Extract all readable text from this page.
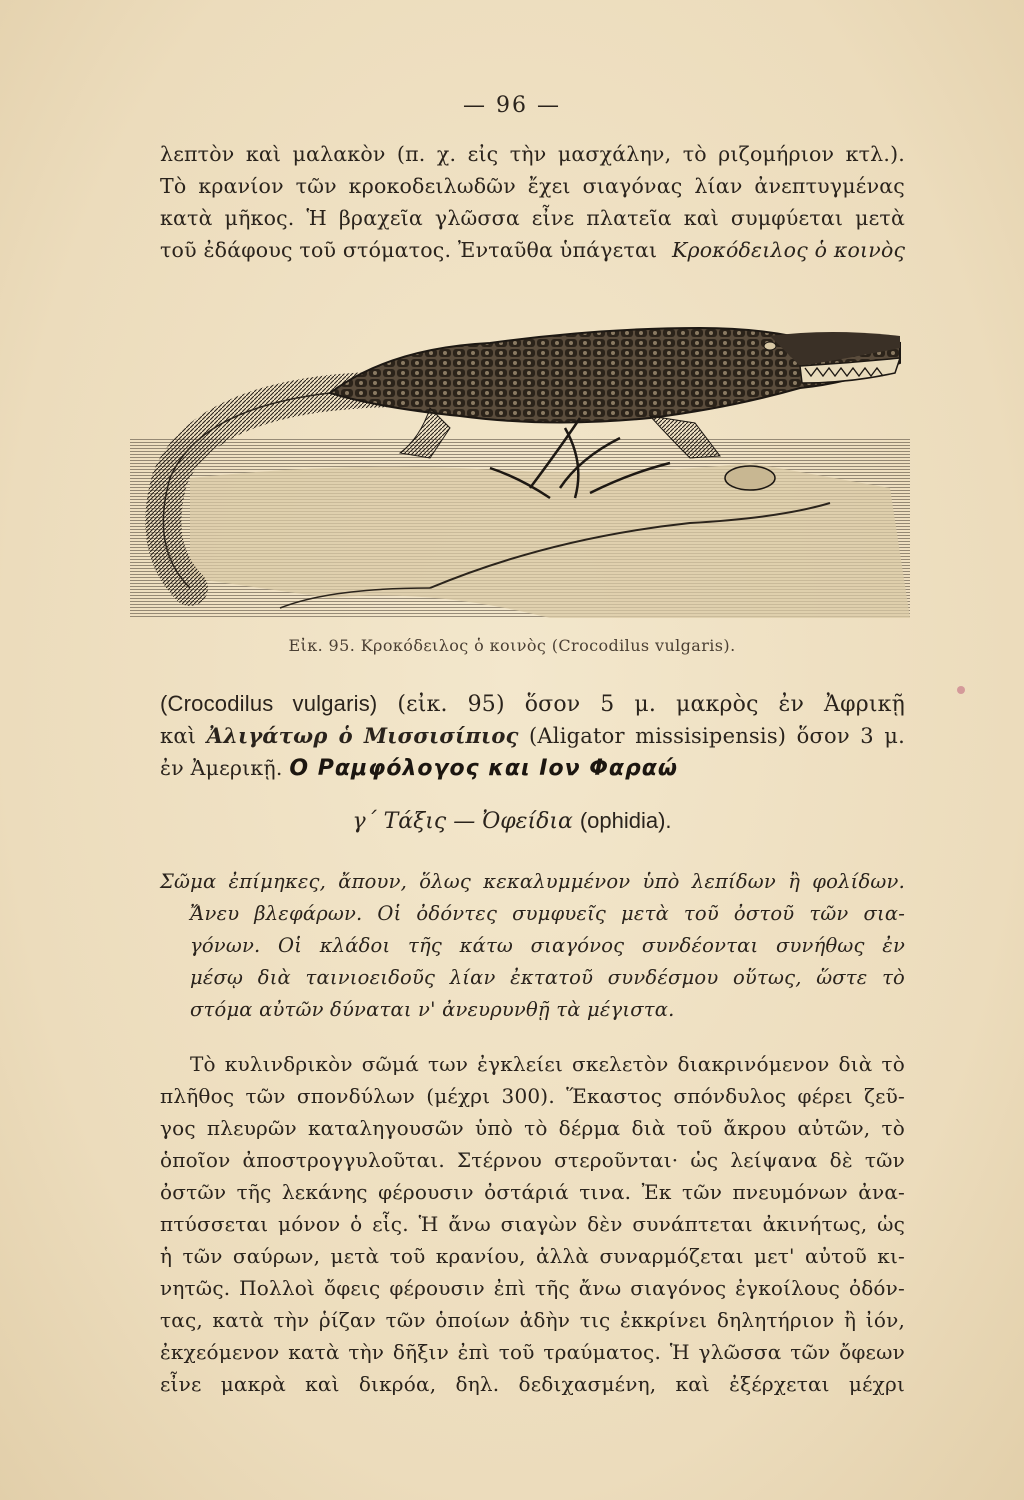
— 96 —
λεπτὸν καὶ μαλακὸν (π. χ. εἰς τὴν μασχάλην, τὸ ριζομήριον κτλ.).
Τὸ κρανίον τῶν κροκοδειλωδῶν ἔχει σιαγόνας λίαν ἀνεπτυγμένας
κατὰ μῆκος. Ἡ βραχεῖα γλῶσσα εἶνε πλατεῖα καὶ συμφύεται μετὰ
τοῦ ἐδάφους τοῦ στόματος. Ἐνταῦθα ὑπάγεται Κροκόδειλος ὁ κοινὸς
Εἰκ. 95. Κροκόδειλος ὁ κοινὸς (Crocodilus vulgaris).
(Crocodilus vulgaris) (εἰκ. 95) ὅσον 5 μ. μακρὸς ἐν Ἀφρικῇ
καὶ Ἀλιγάτωρ ὁ Μισσισίπιος (Aligator missisipensis) ὅσον 3 μ.
ἐν Ἀμερικῇ. Ο Ραμφόλογος και Ιον Φαραώ
γ΄ Τάξις — Ὀφείδια (ophidia).
Σῶμα ἐπίμηκες, ἄπουν, ὅλως κεκαλυμμένον ὑπὸ λεπίδων ἢ φολίδων.
Ἄνευ βλεφάρων. Οἱ ὀδόντες συμφυεῖς μετὰ τοῦ ὀστοῦ τῶν σια-
γόνων. Οἱ κλάδοι τῆς κάτω σιαγόνος συνδέονται συνήθως ἐν
μέσῳ διὰ ταινιοειδοῦς λίαν ἐκτατοῦ συνδέσμου οὕτως, ὥστε τὸ
στόμα αὐτῶν δύναται ν' ἀνευρυνθῇ τὰ μέγιστα.
Τὸ κυλινδρικὸν σῶμά των ἐγκλείει σκελετὸν διακρινόμενον διὰ τὸ
πλῆθος τῶν σπονδύλων (μέχρι 300). Ἕκαστος σπόνδυλος φέρει ζεῦ-
γος πλευρῶν καταληγουσῶν ὑπὸ τὸ δέρμα διὰ τοῦ ἄκρου αὐτῶν, τὸ
ὁποῖον ἀποστρογγυλοῦται. Στέρνου στεροῦνται· ὡς λείψανα δὲ τῶν
ὀστῶν τῆς λεκάνης φέρουσιν ὀστάριά τινα. Ἐκ τῶν πνευμόνων ἀνα-
πτύσσεται μόνον ὁ εἷς. Ἡ ἄνω σιαγὼν δὲν συνάπτεται ἀκινήτως, ὡς
ἡ τῶν σαύρων, μετὰ τοῦ κρανίου, ἀλλὰ συναρμόζεται μετ' αὐτοῦ κι-
νητῶς. Πολλοὶ ὄφεις φέρουσιν ἐπὶ τῆς ἄνω σιαγόνος ἐγκοίλους ὀδόν-
τας, κατὰ τὴν ῥίζαν τῶν ὁποίων ἀδὴν τις ἐκκρίνει δηλητήριον ἢ ἰόν,
ἐκχεόμενον κατὰ τὴν δῆξιν ἐπὶ τοῦ τραύματος. Ἡ γλῶσσα τῶν ὄφεων
εἶνε μακρὰ καὶ δικρόα, δηλ. δεδιχασμένη, καὶ ἐξέρχεται μέχρι
